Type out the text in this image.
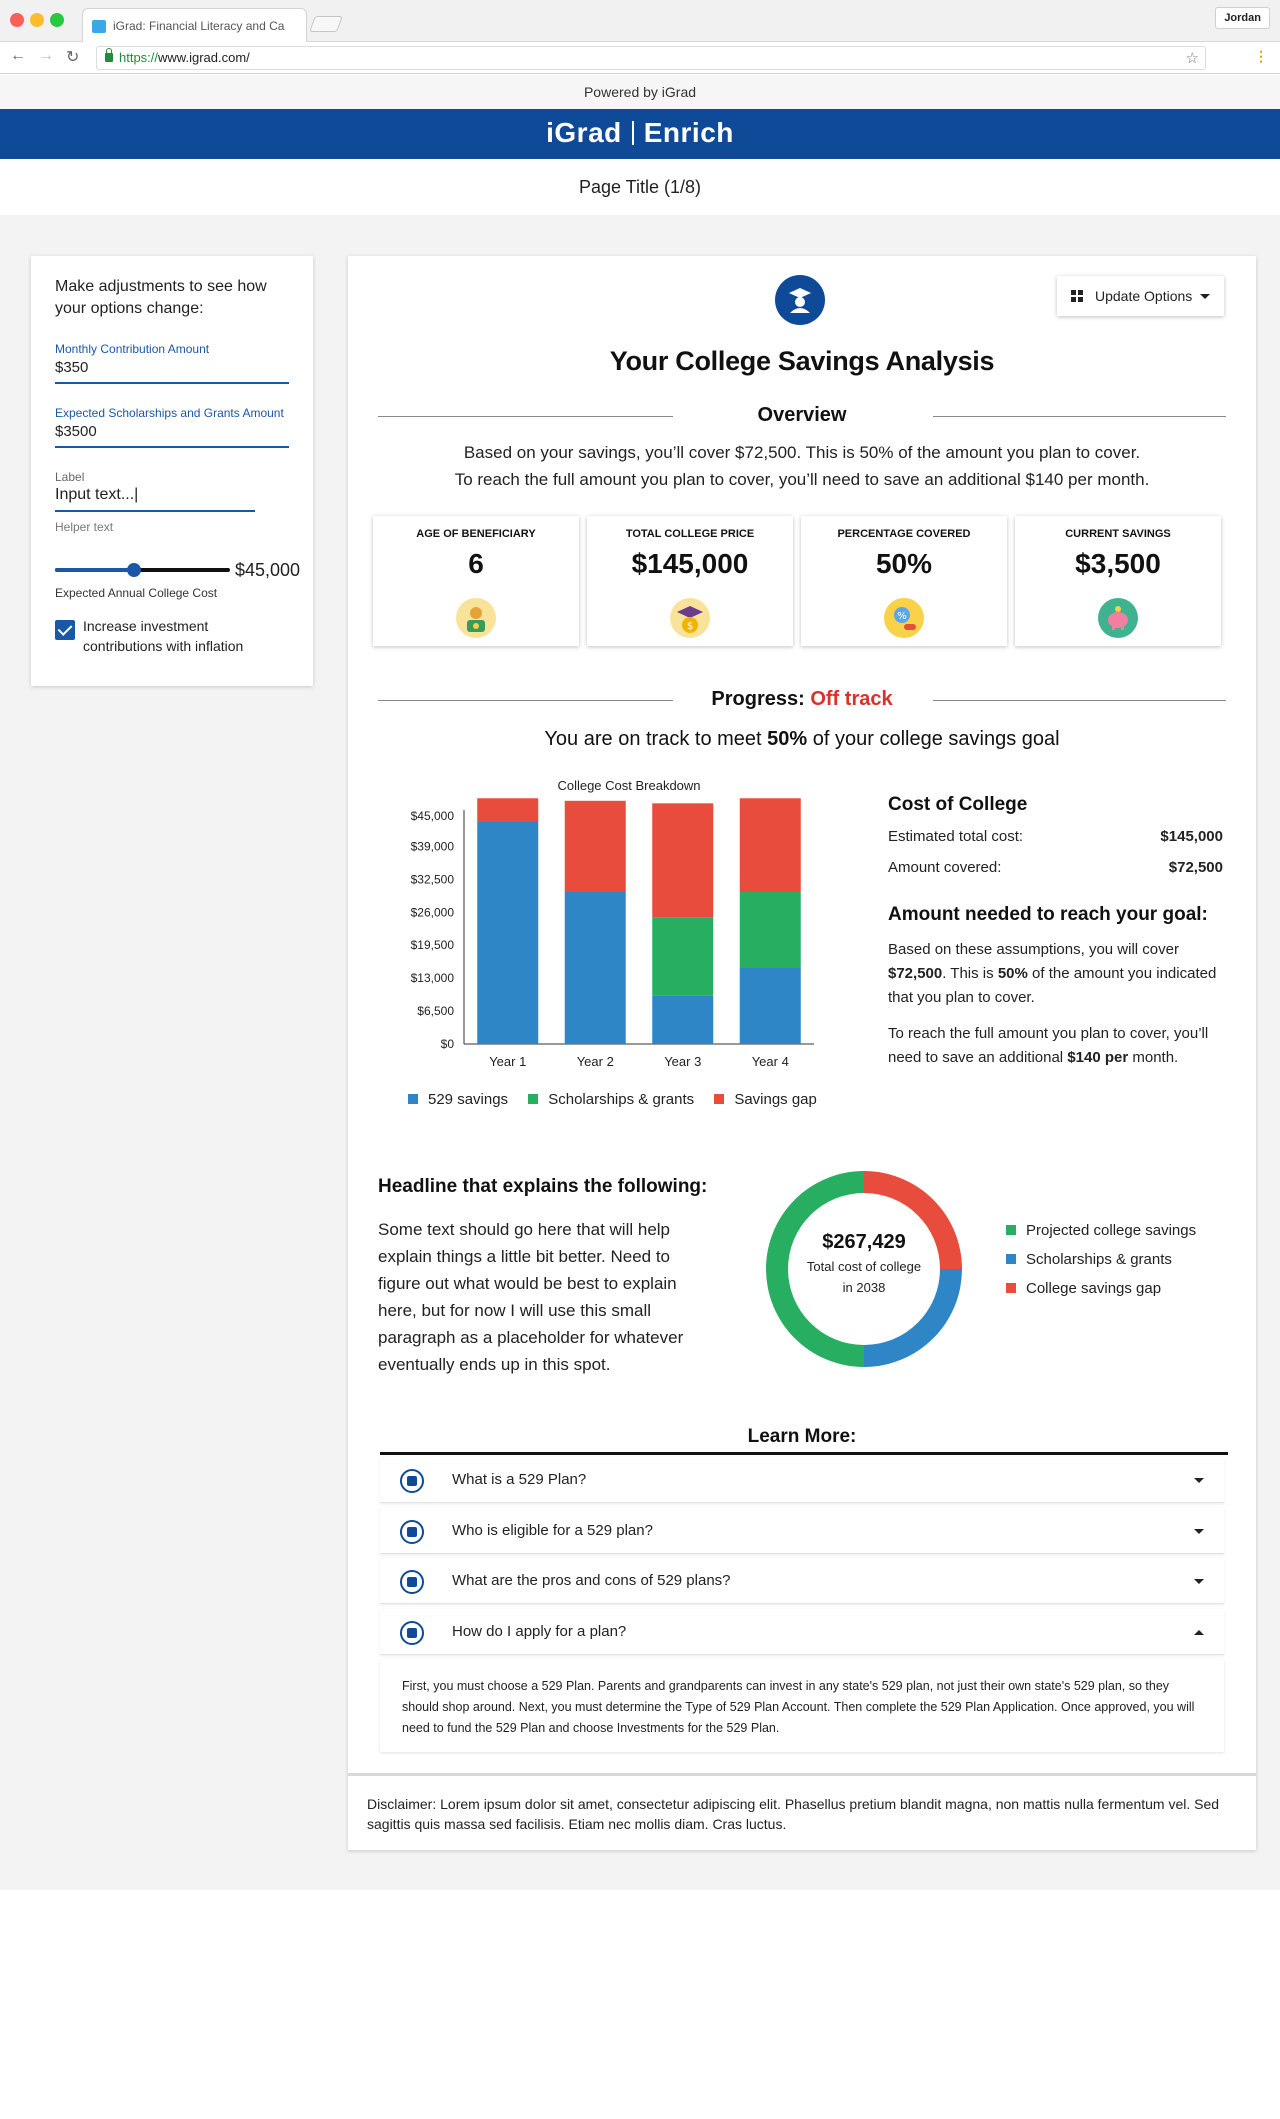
iGrad: Financial Literacy and Ca
Jordan
← → ↻	https://www.igrad.com/	☆	⋮
Powered by iGrad
iGrad Enrich
Page Title (1/8)
Make adjustments to see how your options change:
Monthly Contribution Amount
$350
Expected Scholarships and Grants Amount
$3500
Label
Input text...|
Helper text
$45,000
Expected Annual College Cost
Increase investment contributions with inflation
Update Options
Your College Savings Analysis
Overview
Based on your savings, you’ll cover $72,500. This is 50% of the amount you plan to cover.
To reach the full amount you plan to cover, you’ll need to save an additional $140 per month.
AGE OF BENEFICIARY
6
TOTAL COLLEGE PRICE
$145,000
$
PERCENTAGE COVERED
50%
%
CURRENT SAVINGS
$3,500
Progress: Off track
You are on track to meet 50% of your college savings goal
College Cost Breakdown
$0
$6,500
$13,000
$19,500
$26,000
$32,500
$39,000
$45,000
Year 1	Year 2	Year 3	Year 4
529 savings	Scholarships & grants	Savings gap
Cost of College
Estimated total cost:	$145,000
Amount covered:	$72,500
Amount needed to reach your goal:
Based on these assumptions, you will cover $72,500. This is 50% of the amount you indicated that you plan to cover.
To reach the full amount you plan to cover, you’ll need to save an additional $140 per month.
Headline that explains the following:
Some text should go here that will help explain things a little bit better. Need to figure out what would be best to explain here, but for now I will use this small paragraph as a placeholder for whatever eventually ends up in this spot.
$267,429
Total cost of college in 2038
Projected college savings
Scholarships & grants
College savings gap
Learn More:
What is a 529 Plan?
Who is eligible for a 529 plan?
What are the pros and cons of 529 plans?
How do I apply for a plan?
First, you must choose a 529 Plan. Parents and grandparents can invest in any state's 529 plan, not just their own state's 529 plan, so they should shop around. Next, you must determine the Type of 529 Plan Account. Then complete the 529 Plan Application. Once approved, you will need to fund the 529 Plan and choose Investments for the 529 Plan.
Disclaimer: Lorem ipsum dolor sit amet, consectetur adipiscing elit. Phasellus pretium blandit magna, non mattis nulla fermentum vel. Sed sagittis quis massa sed facilisis. Etiam nec mollis diam. Cras luctus.
